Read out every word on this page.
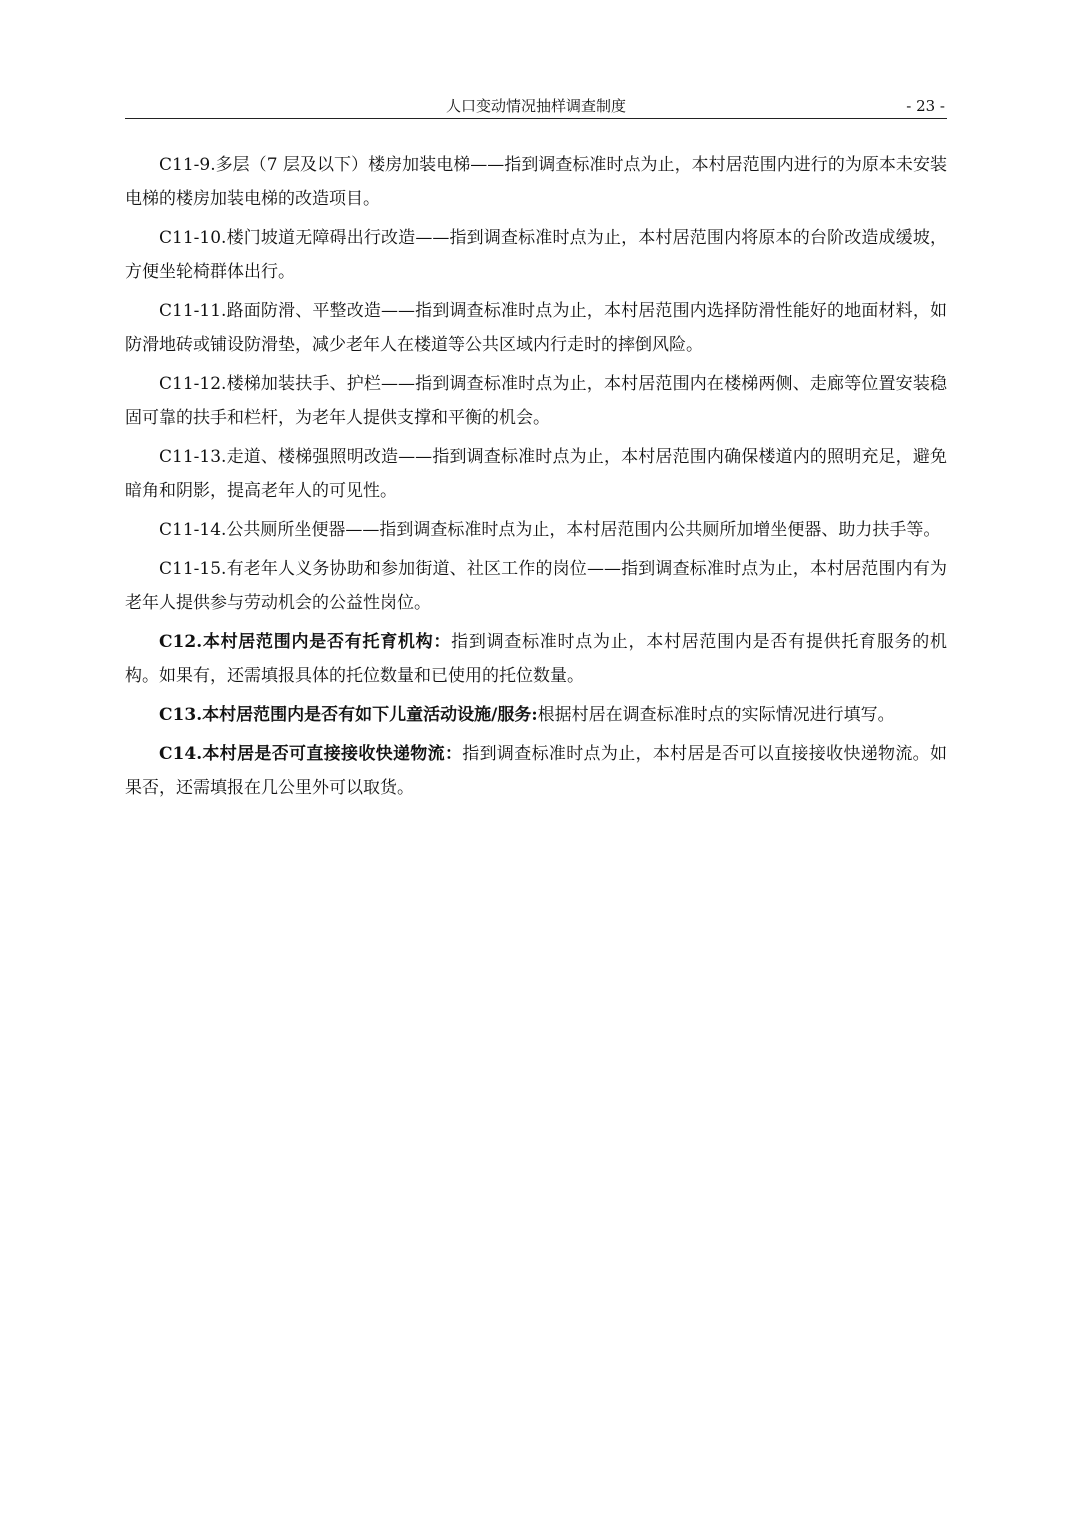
人口变动情况抽样调查制度	- 23 -

C11-9.多层（7 层及以下）楼房加装电梯——指到调查标准时点为止，本村居范围内进行的为原本未安装电梯的楼房加装电梯的改造项目。

C11-10.楼门坡道无障碍出行改造——指到调查标准时点为止，本村居范围内将原本的台阶改造成缓坡，方便坐轮椅群体出行。

C11-11.路面防滑、平整改造——指到调查标准时点为止，本村居范围内选择防滑性能好的地面材料，如防滑地砖或铺设防滑垫，减少老年人在楼道等公共区域内行走时的摔倒风险。

C11-12.楼梯加装扶手、护栏——指到调查标准时点为止，本村居范围内在楼梯两侧、走廊等位置安装稳固可靠的扶手和栏杆，为老年人提供支撑和平衡的机会。

C11-13.走道、楼梯强照明改造——指到调查标准时点为止，本村居范围内确保楼道内的照明充足，避免暗角和阴影，提高老年人的可见性。

C11-14.公共厕所坐便器——指到调查标准时点为止，本村居范围内公共厕所加增坐便器、助力扶手等。

C11-15.有老年人义务协助和参加街道、社区工作的岗位——指到调查标准时点为止，本村居范围内有为老年人提供参与劳动机会的公益性岗位。

C12.本村居范围内是否有托育机构：指到调查标准时点为止，本村居范围内是否有提供托育服务的机构。如果有，还需填报具体的托位数量和已使用的托位数量。

C13.本村居范围内是否有如下儿童活动设施/服务:根据村居在调查标准时点的实际情况进行填写。

C14.本村居是否可直接接收快递物流：指到调查标准时点为止，本村居是否可以直接接收快递物流。如果否，还需填报在几公里外可以取货。
